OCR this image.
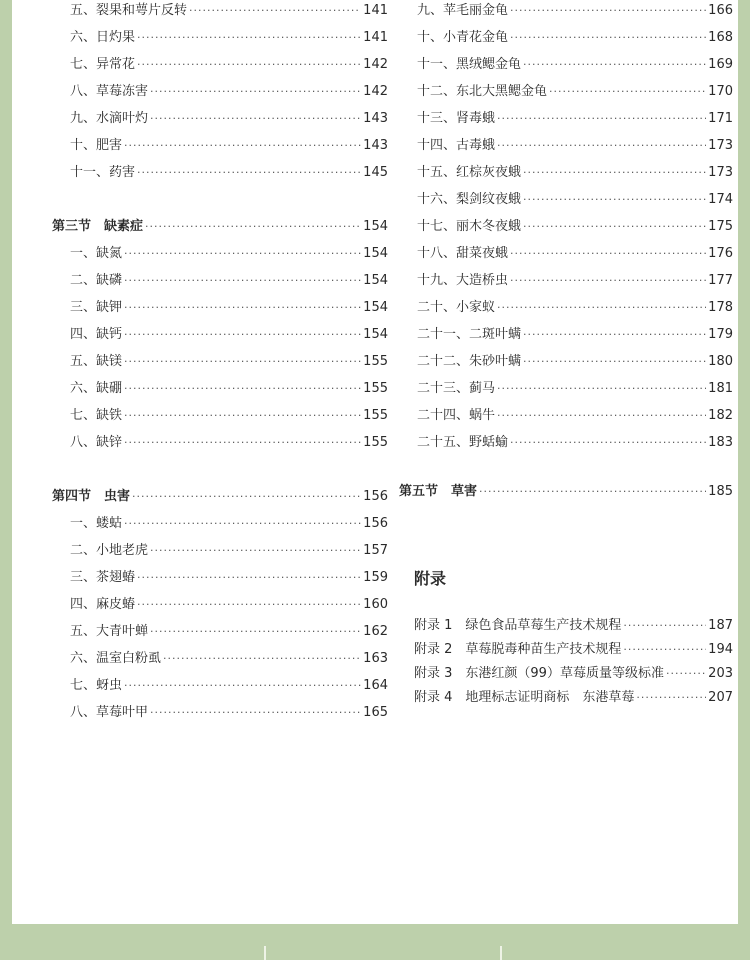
五、裂果和萼片反转 ·····	141
六、日灼果 ·····	141
七、异常花 ·····	142
八、草莓冻害 ·····	142
九、水滴叶灼 ·····	143
十、肥害 ·····	143
十一、药害 ·····	145
第三节　缺素症 ·····	154
一、缺氮 ·····	154
二、缺磷 ·····	154
三、缺钾 ·····	154
四、缺钙 ·····	154
五、缺镁 ·····	155
六、缺硼 ·····	155
七、缺铁 ·····	155
八、缺锌 ·····	155
第四节　虫害 ·····	156
一、蝼蛄 ·····	156
二、小地老虎 ·····	157
三、茶翅蝽 ·····	159
四、麻皮蝽 ·····	160
五、大青叶蝉 ·····	162
六、温室白粉虱 ·····	163
七、蚜虫 ·····	164
八、草莓叶甲 ·····	165
九、苹毛丽金龟 ·····	166
十、小青花金龟 ·····	168
十一、黑绒鳃金龟 ·····	169
十二、东北大黑鳃金龟 ·····	170
十三、肾毒蛾 ·····	171
十四、古毒蛾 ·····	173
十五、红棕灰夜蛾 ·····	173
十六、梨剑纹夜蛾 ·····	174
十七、丽木冬夜蛾 ·····	175
十八、甜菜夜蛾 ·····	176
十九、大造桥虫 ·····	177
二十、小家蚁 ·····	178
二十一、二斑叶螨 ·····	179
二十二、朱砂叶螨 ·····	180
二十三、蓟马 ·····	181
二十四、蜗牛 ·····	182
二十五、野蛞蝓 ·····	183
第五节　草害 ·····	185
附录
附录 1　绿色食品草莓生产技术规程 ·····	187
附录 2　草莓脱毒种苗生产技术规程 ·····	194
附录 3　东港红颜（99）草莓质量等级标准 ·····	203
附录 4　地理标志证明商标　东港草莓 ·····	207
